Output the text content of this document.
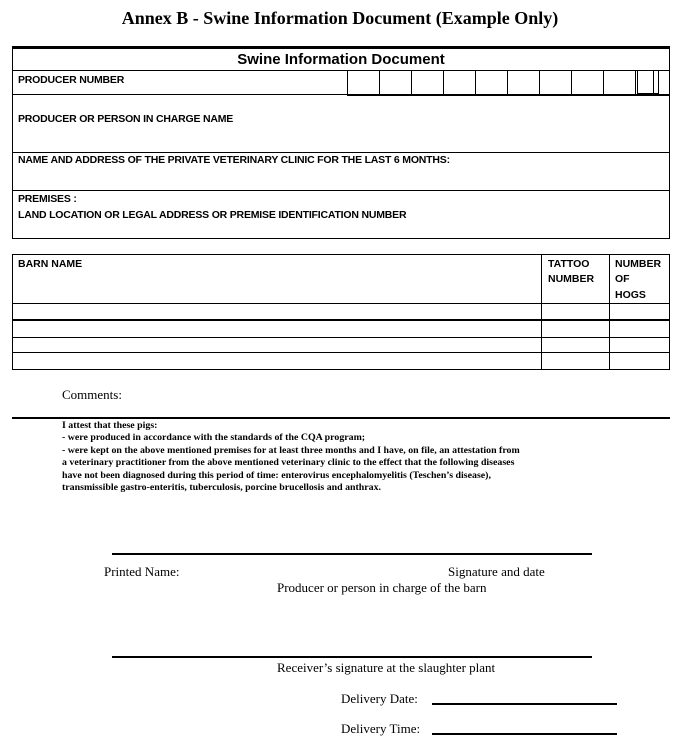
Annex B - Swine Information Document (Example Only)
Swine Information Document
PRODUCER NUMBER
PRODUCER OR PERSON IN CHARGE NAME
NAME AND ADDRESS OF THE PRIVATE VETERINARY CLINIC FOR THE LAST 6 MONTHS:
PREMISES :
LAND LOCATION OR LEGAL ADDRESS OR PREMISE IDENTIFICATION NUMBER
BARN NAME	TATTOO
NUMBER
NUMBER
OF
HOGS
Comments:
I attest that these pigs:
- were produced in accordance with the standards of the CQA program;
- were kept on the above mentioned premises for at least three months and I have, on file, an attestation from
a veterinary practitioner from the above mentioned veterinary clinic to the effect that the following diseases
have not been diagnosed during this period of time: enterovirus encephalomyelitis (Teschen’s disease),
transmissible gastro-enteritis, tuberculosis, porcine brucellosis and anthrax.
Printed Name:	Signature and date
Producer or person in charge of the barn
Receiver’s signature at the slaughter plant
Delivery Date:
Delivery Time:
